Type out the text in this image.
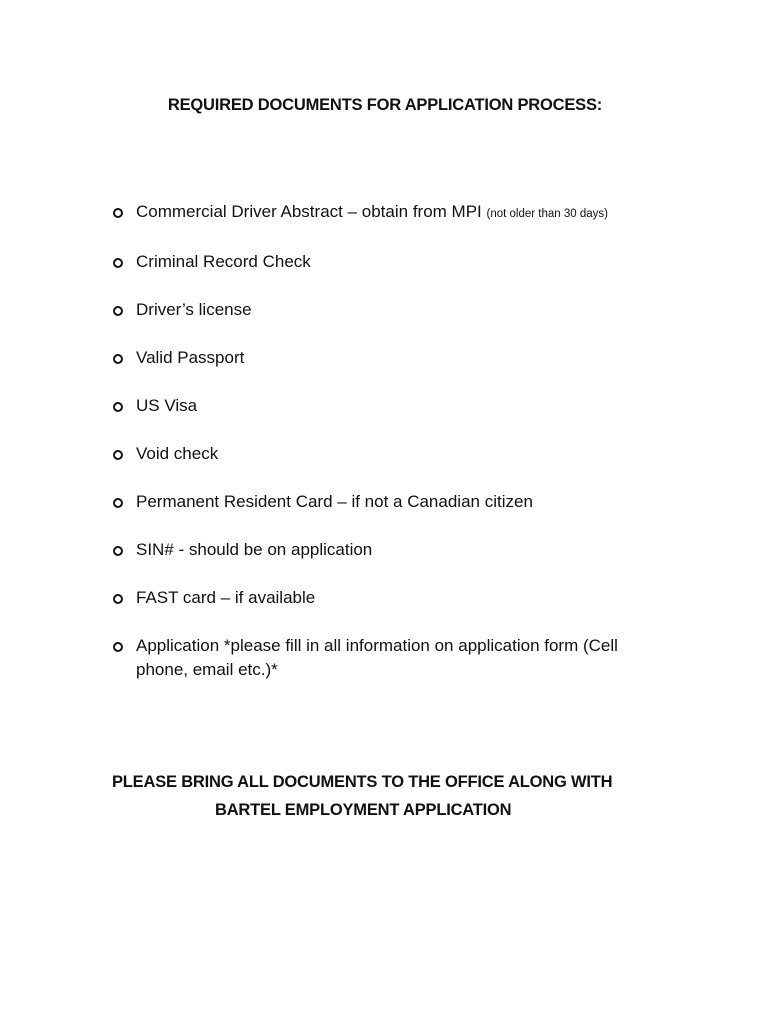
REQUIRED DOCUMENTS FOR APPLICATION PROCESS:
Commercial Driver Abstract – obtain from MPI (not older than 30 days)
Criminal Record Check
Driver’s license
Valid Passport
US Visa
Void check
Permanent Resident Card – if not a Canadian citizen
SIN# - should be on application
FAST card – if available
Application *please fill in all information on application form (Cell phone, email etc.)*
PLEASE BRING ALL DOCUMENTS TO THE OFFICE ALONG WITH
BARTEL EMPLOYMENT APPLICATION
